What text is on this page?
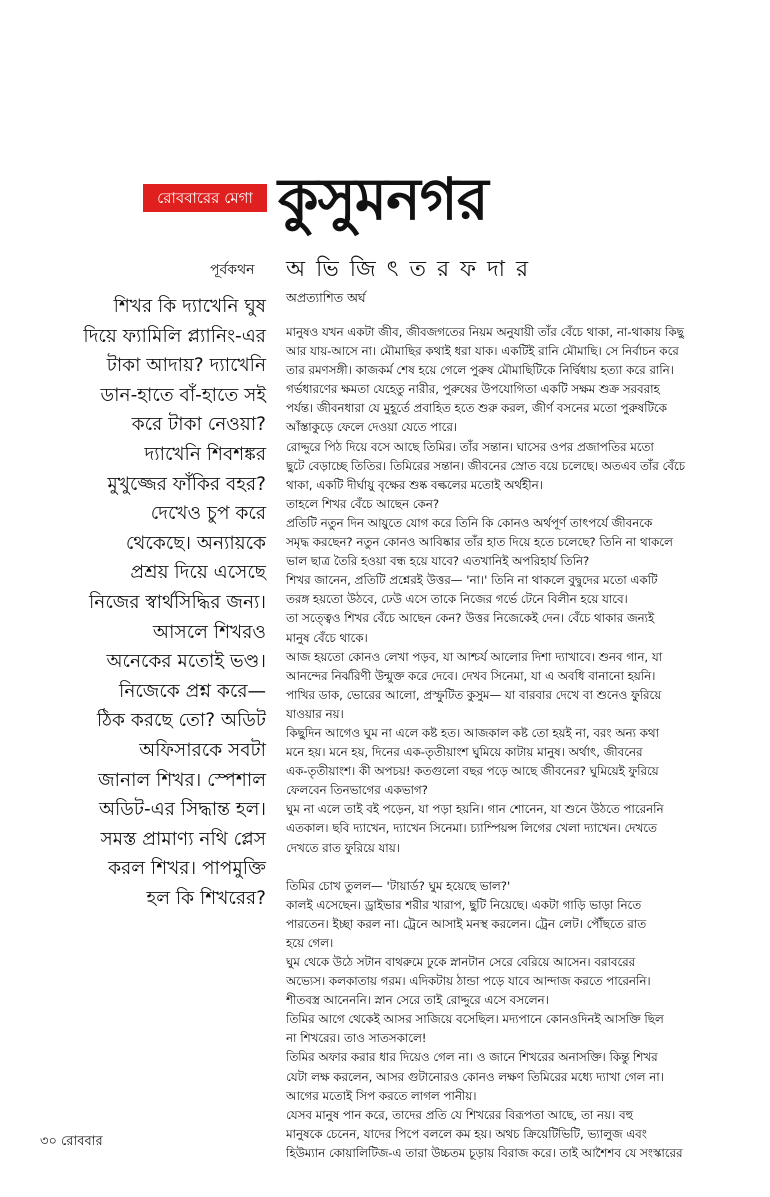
রোববারের মেগা কুসুমনগর
পূর্বকথন অ ভি জি ৎ ত র ফ দা র
শিখর কি দ্যাখেনি ঘুষ
দিয়ে ফ্যামিলি প্ল্যানিং-এর
টাকা আদায়? দ্যাখেনি
ডান-হাতে বাঁ-হাতে সই
করে টাকা নেওয়া?
দ্যাখেনি শিবশঙ্কর
মুখুজ্জের ফাঁকির বহর?
দেখেও চুপ করে
থেকেছে। অন্যায়কে
প্রশ্রয় দিয়ে এসেছে
নিজের স্বার্থসিদ্ধির জন্য।
আসলে শিখরও
অনেকের মতোই ভণ্ড।
নিজেকে প্রশ্ন করে—
ঠিক করছে তো? অডিট
অফিসারকে সবটা
জানাল শিখর। স্পেশাল
অডিট-এর সিদ্ধান্ত হল।
সমস্ত প্রামাণ্য নথি প্লেস
করল শিখর। পাপমুক্তি
হল কি শিখরের?
অপ্রত্যাশিত অর্ঘ
মানুষও যখন একটা জীব, জীবজগতের নিয়ম অনুযায়ী তাঁর বেঁচে থাকা, না-থাকায় কিছু
আর যায়-আসে না। মৌমাছির কথাই ধরা যাক। একটিই রানি মৌমাছি। সে নির্বাচন করে
তার রমণসঙ্গী। কাজকর্ম শেষ হয়ে গেলে পুরুষ মৌমাছিটিকে নির্দ্বিধায় হত্যা করে রানি।
গর্ভধারণের ক্ষমতা যেহেতু নারীর, পুরুষের উপযোগিতা একটি সক্ষম শুক্র সরবরাহ
পর্যন্ত। জীবনধারা যে মুহূর্তে প্রবাহিত হতে শুরু করল, জীর্ণ বসনের মতো পুরুষটিকে
আঁস্তাকুড়ে ফেলে দেওয়া যেতে পারে।
রোদ্দুরে পিঠ দিয়ে বসে আছে তিমির। তাঁর সন্তান। ঘাসের ওপর প্রজাপতির মতো
ছুটে বেড়াচ্ছে তিতির। তিমিরের সন্তান। জীবনের স্রোত বয়ে চলেছে। অতএব তাঁর বেঁচে
থাকা, একটি দীর্ঘায়ু বৃক্ষের শুষ্ক বল্কলের মতোই অর্থহীন।
তাহলে শিখর বেঁচে আছেন কেন?
প্রতিটি নতুন দিন আয়ুতে যোগ করে তিনি কি কোনও অর্থপূর্ণ তাৎপর্যে জীবনকে
সমৃদ্ধ করছেন? নতুন কোনও আবিষ্কার তাঁর হাত দিয়ে হতে চলেছে? তিনি না থাকলে
ভাল ছাত্র তৈরি হওয়া বন্ধ হয়ে যাবে? এতখানিই অপরিহার্য তিনি?
শিখর জানেন, প্রতিটি প্রশ্নেরই উত্তর— 'না।' তিনি না থাকলে বুদ্বুদের মতো একটি
তরঙ্গ হয়তো উঠবে, ঢেউ এসে তাকে নিজের গর্ভে টেনে বিলীন হয়ে যাবে।
তা সত্ত্বেও শিখর বেঁচে আছেন কেন? উত্তর নিজেকেই দেন। বেঁচে থাকার জন্যই
মানুষ বেঁচে থাকে।
আজ হয়তো কোনও লেখা পড়ব, যা আশ্চর্য আলোর দিশা দ্যাখাবে। শুনব গান, যা
আনন্দের নির্ঝরিণী উন্মুক্ত করে দেবে। দেখব সিনেমা, যা এ অবধি বানানো হয়নি।
পাখির ডাক, ভোরের আলো, প্রস্ফুটিত কুসুম— যা বারবার দেখে বা শুনেও ফুরিয়ে
যাওয়ার নয়।
কিছুদিন আগেও ঘুম না এলে কষ্ট হত। আজকাল কষ্ট তো হয়ই না, বরং অন্য কথা
মনে হয়। মনে হয়, দিনের এক-তৃতীয়াংশ ঘুমিয়ে কাটায় মানুষ। অর্থাৎ, জীবনের
এক-তৃতীয়াংশ। কী অপচয়! কতগুলো বছর পড়ে আছে জীবনের? ঘুমিয়েই ফুরিয়ে
ফেলবেন তিনভাগের একভাগ?
ঘুম না এলে তাই বই পড়েন, যা পড়া হয়নি। গান শোনেন, যা শুনে উঠতে পারেননি
এতকাল। ছবি দ্যাখেন, দ্যাখেন সিনেমা। চ্যাম্পিয়ন্স লিগের খেলা দ্যাখেন। দেখতে
দেখতে রাত ফুরিয়ে যায়।
তিমির চোখ তুলল— 'টায়ার্ড? ঘুম হয়েছে ভাল?'
কালই এসেছেন। ড্রাইভার শরীর খারাপ, ছুটি নিয়েছে। একটা গাড়ি ভাড়া নিতে
পারতেন। ইচ্ছা করল না। ট্রেনে আসাই মনস্থ করলেন। ট্রেন লেট। পৌঁছতে রাত
হয়ে গেল।
ঘুম থেকে উঠে সটান বাথরুমে ঢুকে স্নানটান সেরে বেরিয়ে আসেন। বরাবরের
অভ্যেস। কলকাতায় গরম। এদিকটায় ঠান্ডা পড়ে যাবে আন্দাজ করতে পারেননি।
শীতবস্ত্র আনেননি। স্নান সেরে তাই রোদ্দুরে এসে বসলেন।
তিমির আগে থেকেই আসর সাজিয়ে বসেছিল। মদ্যপানে কোনওদিনই আসক্তি ছিল
না শিখরের। তাও সাতসকালে!
তিমির অফার করার ধার দিয়েও গেল না। ও জানে শিখরের অনাসক্তি। কিন্তু শিখর
যেটা লক্ষ করলেন, আসর গুটানোরও কোনও লক্ষণ তিমিরের মধ্যে দ্যাখা গেল না।
আগের মতোই সিপ করতে লাগল পানীয়।
যেসব মানুষ পান করে, তাদের প্রতি যে শিখরের বিরূপতা আছে, তা নয়। বহু
মানুষকে চেনেন, যাদের পিপে বললে কম হয়। অথচ ক্রিয়েটিভিটি, ভ্যালুজ এবং
হিউম্যান কোয়ালিটিজ-এ তারা উচ্চতম চূড়ায় বিরাজ করে। তাই আশৈশব যে সংস্কারের
৩০ রোববার
